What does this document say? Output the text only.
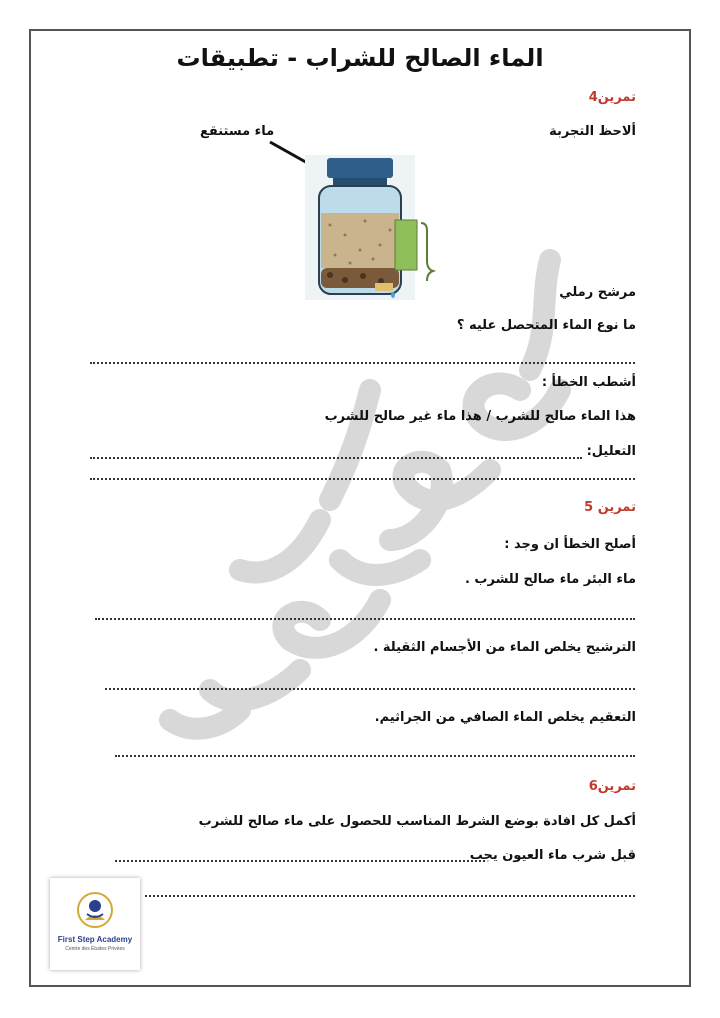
الماء الصالح للشراب - تطبيقات
تمرين4
ألاحظ التجربة
ماء مستنقع
مرشح رملي
ما نوع الماء المتحصل عليه ؟
أشطب الخطأ :
هذا الماء صالح للشرب / هذا ماء غير صالح للشرب
التعليل:
تمرين 5
أصلح الخطأ ان وجد :
ماء البئر ماء صالح للشرب .
الترشيح يخلص الماء من الأجسام الثقيلة .
التعقيم يخلص الماء الصافي من الجراثيم.
تمرين6
أكمل كل افادة بوضع الشرط المناسب للحصول على ماء صالح للشرب
قبل شرب ماء العيون يجب
First Step Academy
Centre des Études Privées
